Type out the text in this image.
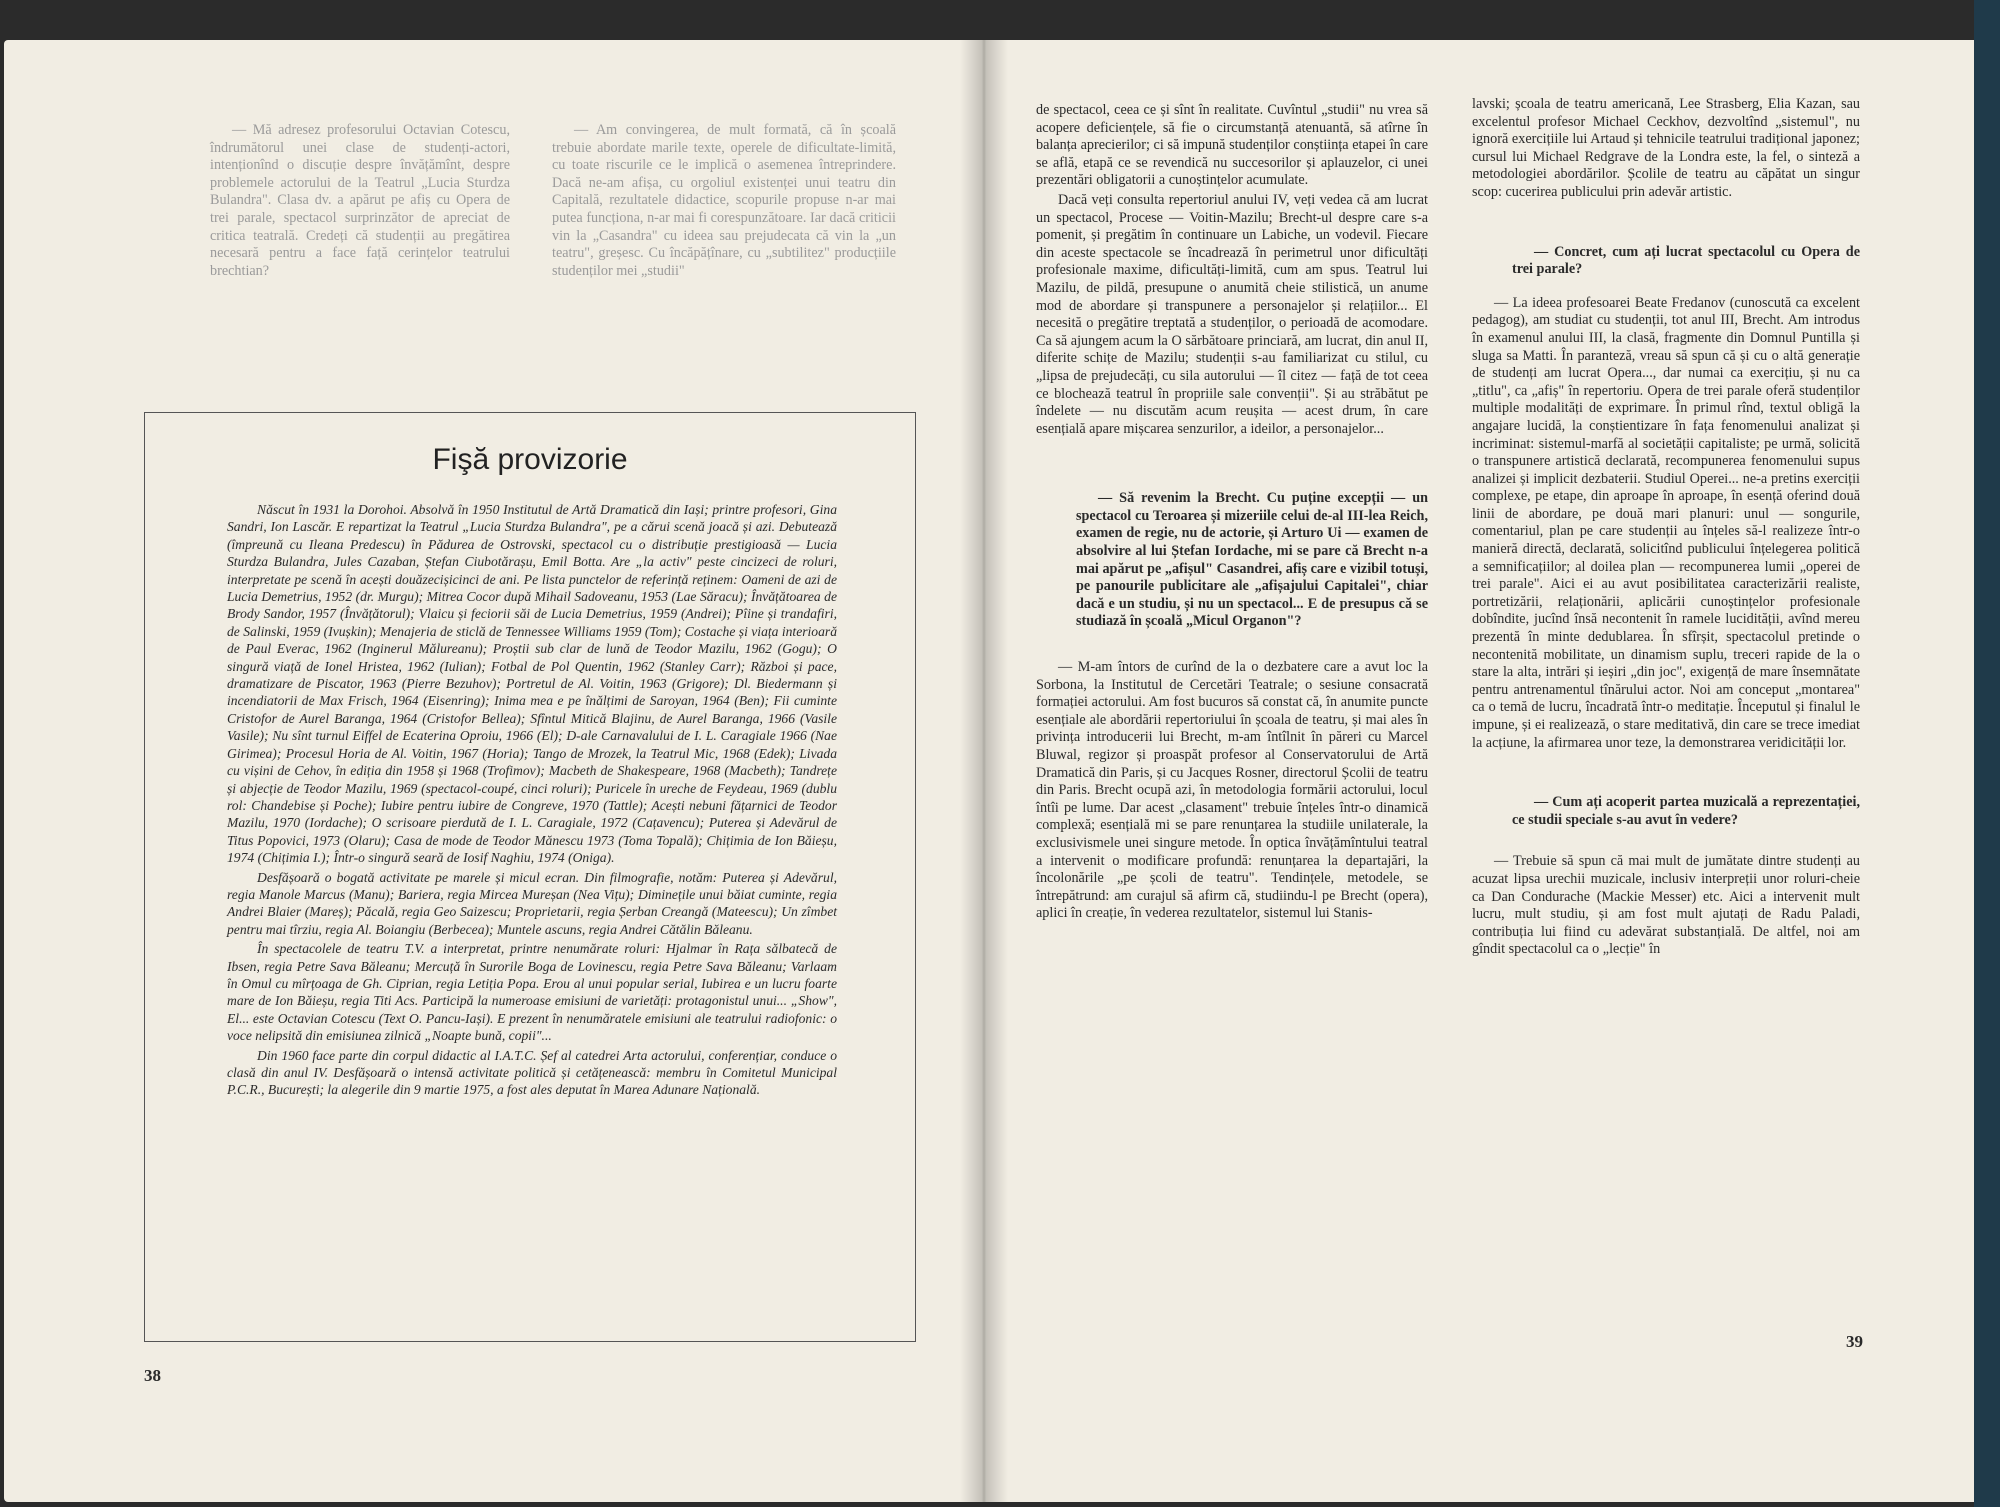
— Mă adresez profesorului Octavian Cotescu, îndrumătorul unei clase de studenți-actori, intenționînd o discuție despre învățămînt, despre problemele actorului de la Teatrul „Lucia Sturdza Bulandra". Clasa dv. a apărut pe afiș cu Opera de trei parale, spectacol surprinzător de apreciat de critica teatrală. Credeți că studenții au pregătirea necesară pentru a face față cerințelor teatrului brechtian?

— Am convingerea, de mult formată, că în școală trebuie abordate marile texte, operele de dificultate-limită, cu toate riscurile ce le implică o asemenea întreprindere. Dacă ne-am afișa, cu orgoliul existenței unui teatru din Capitală, rezultatele didactice, scopurile propuse n-ar mai putea funcționa, n-ar mai fi corespunzătoare. Iar dacă criticii vin la „Casandra" cu ideea sau prejudecata că vin la „un teatru", greșesc. Cu încăpățînare, cu „subtilitez" producțiile studenților mei „studii"

Fişă provizorie

Născut în 1931 la Dorohoi. Absolvă în 1950 Institutul de Artă Dramatică din Iași; printre profesori, Gina Sandri, Ion Lascăr. E repartizat la Teatrul „Lucia Sturdza Bulandra", pe a cărui scenă joacă și azi. Debutează (împreună cu Ileana Predescu) în Pădurea de Ostrovski, spectacol cu o distribuție prestigioasă — Lucia Sturdza Bulandra, Jules Cazaban, Ștefan Ciubotărașu, Emil Botta. Are „la activ" peste cincizeci de roluri, interpretate pe scenă în acești douăzecișicinci de ani. Pe lista punctelor de referință reținem: Oameni de azi de Lucia Demetrius, 1952 (dr. Murgu); Mitrea Cocor după Mihail Sadoveanu, 1953 (Lae Săracu); Învățătoarea de Brody Sandor, 1957 (Învățătorul); Vlaicu și feciorii săi de Lucia Demetrius, 1959 (Andrei); Pîine și trandafiri, de Salinski, 1959 (Ivușkin); Menajeria de sticlă de Tennessee Williams 1959 (Tom); Costache și viața interioară de Paul Everac, 1962 (Inginerul Mălureanu); Proștii sub clar de lună de Teodor Mazilu, 1962 (Gogu); O singură viață de Ionel Hristea, 1962 (Iulian); Fotbal de Pol Quentin, 1962 (Stanley Carr); Război și pace, dramatizare de Piscator, 1963 (Pierre Bezuhov); Portretul de Al. Voitin, 1963 (Grigore); Dl. Biedermann și incendiatorii de Max Frisch, 1964 (Eisenring); Inima mea e pe înălțimi de Saroyan, 1964 (Ben); Fii cuminte Cristofor de Aurel Baranga, 1964 (Cristofor Bellea); Sfîntul Mitică Blajinu, de Aurel Baranga, 1966 (Vasile Vasile); Nu sînt turnul Eiffel de Ecaterina Oproiu, 1966 (El); D-ale Carnavalului de I. L. Caragiale 1966 (Nae Girimea); Procesul Horia de Al. Voitin, 1967 (Horia); Tango de Mrozek, la Teatrul Mic, 1968 (Edek); Livada cu vișini de Cehov, în ediția din 1958 și 1968 (Trofimov); Macbeth de Shakespeare, 1968 (Macbeth); Tandrețe și abjecție de Teodor Mazilu, 1969 (spectacol-coupé, cinci roluri); Puricele în ureche de Feydeau, 1969 (dublu rol: Chandebise și Poche); Iubire pentru iubire de Congreve, 1970 (Tattle); Acești nebuni fățarnici de Teodor Mazilu, 1970 (Iordache); O scrisoare pierdută de I. L. Caragiale, 1972 (Cațavencu); Puterea și Adevărul de Titus Popovici, 1973 (Olaru); Casa de mode de Teodor Mănescu 1973 (Toma Topală); Chițimia de Ion Băieșu, 1974 (Chițimia I.); Într-o singură seară de Iosif Naghiu, 1974 (Oniga).

Desfășoară o bogată activitate pe marele și micul ecran. Din filmografie, notăm: Puterea și Adevărul, regia Manole Marcus (Manu); Bariera, regia Mircea Mureșan (Nea Vițu); Diminețile unui băiat cuminte, regia Andrei Blaier (Mareș); Păcală, regia Geo Saizescu; Proprietarii, regia Șerban Creangă (Mateescu); Un zîmbet pentru mai tîrziu, regia Al. Boiangiu (Berbecea); Muntele ascuns, regia Andrei Cătălin Băleanu.

În spectacolele de teatru T.V. a interpretat, printre nenumărate roluri: Hjalmar în Rața sălbatecă de Ibsen, regia Petre Sava Băleanu; Mercuță în Surorile Boga de Lovinescu, regia Petre Sava Băleanu; Varlaam în Omul cu mîrțoaga de Gh. Ciprian, regia Letiția Popa. Erou al unui popular serial, Iubirea e un lucru foarte mare de Ion Băieșu, regia Titi Acs. Participă la numeroase emisiuni de varietăți: protagonistul unui... „Show", El... este Octavian Cotescu (Text O. Pancu-Iași). E prezent în nenumăratele emisiuni ale teatrului radiofonic: o voce nelipsită din emisiunea zilnică „Noapte bună, copii"...

Din 1960 face parte din corpul didactic al I.A.T.C. Șef al catedrei Arta actorului, conferențiar, conduce o clasă din anul IV. Desfășoară o intensă activitate politică și cetățenească: membru în Comitetul Municipal P.C.R., București; la alegerile din 9 martie 1975, a fost ales deputat în Marea Adunare Națională.

38

de spectacol, ceea ce și sînt în realitate. Cuvîntul „studii" nu vrea să acopere deficiențele, să fie o circumstanță atenuantă, să atîrne în balanța aprecierilor; ci să impună studenților conștiința etapei în care se află, etapă ce se revendică nu succesorilor și aplauzelor, ci unei prezentări obligatorii a cunoștințelor acumulate.

Dacă veți consulta repertoriul anului IV, veți vedea că am lucrat un spectacol, Procese — Voitin-Mazilu; Brecht-ul despre care s-a pomenit, și pregătim în continuare un Labiche, un vodevil. Fiecare din aceste spectacole se încadrează în perimetrul unor dificultăți profesionale maxime, dificultăți-limită, cum am spus. Teatrul lui Mazilu, de pildă, presupune o anumită cheie stilistică, un anume mod de abordare și transpunere a personajelor și relațiilor... El necesită o pregătire treptată a studenților, o perioadă de acomodare. Ca să ajungem acum la O sărbătoare princiară, am lucrat, din anul II, diferite schițe de Mazilu; studenții s-au familiarizat cu stilul, cu „lipsa de prejudecăți, cu sila autorului — îl citez — față de tot ceea ce blochează teatrul în propriile sale convenții". Și au străbătut pe îndelete — nu discutăm acum reușita — acest drum, în care esențială apare mișcarea senzurilor, a ideilor, a personajelor...

— Să revenim la Brecht. Cu puține excepții — un spectacol cu Teroarea și mizeriile celui de-al III-lea Reich, examen de regie, nu de actorie, și Arturo Ui — examen de absolvire al lui Ștefan Iordache, mi se pare că Brecht n-a mai apărut pe „afișul" Casandrei, afiș care e vizibil totuși, pe panourile publicitare ale „afișajului Capitalei", chiar dacă e un studiu, și nu un spectacol... E de presupus că se studiază în școală „Micul Organon"?

— M-am întors de curînd de la o dezbatere care a avut loc la Sorbona, la Institutul de Cercetări Teatrale; o sesiune consacrată formației actorului. Am fost bucuros să constat că, în anumite puncte esențiale ale abordării repertoriului în școala de teatru, și mai ales în privința introducerii lui Brecht, m-am întîlnit în păreri cu Marcel Bluwal, regizor și proaspăt profesor al Conservatorului de Artă Dramatică din Paris, și cu Jacques Rosner, directorul Școlii de teatru din Paris. Brecht ocupă azi, în metodologia formării actorului, locul întîi pe lume. Dar acest „clasament" trebuie înțeles într-o dinamică complexă; esențială mi se pare renunțarea la studiile unilaterale, la exclusivismele unei singure metode. În optica învățămîntului teatral a intervenit o modificare profundă: renunțarea la departajări, la încolonările „pe școli de teatru". Tendințele, metodele, se întrepătrund: am curajul să afirm că, studiindu-l pe Brecht (opera), aplici în creație, în vederea rezultatelor, sistemul lui Stanis-

lavski; școala de teatru americană, Lee Strasberg, Elia Kazan, sau excelentul profesor Michael Ceckhov, dezvoltînd „sistemul", nu ignoră exercițiile lui Artaud și tehnicile teatrului tradițional japonez; cursul lui Michael Redgrave de la Londra este, la fel, o sinteză a metodologiei abordărilor. Școlile de teatru au căpătat un singur scop: cucerirea publicului prin adevăr artistic.

— Concret, cum ați lucrat spectacolul cu Opera de trei parale?

— La ideea profesoarei Beate Fredanov (cunoscută ca excelent pedagog), am studiat cu studenții, tot anul III, Brecht. Am introdus în examenul anului III, la clasă, fragmente din Domnul Puntilla și sluga sa Matti. În paranteză, vreau să spun că și cu o altă generație de studenți am lucrat Opera..., dar numai ca exercițiu, și nu ca „titlu", ca „afiș" în repertoriu. Opera de trei parale oferă studenților multiple modalități de exprimare. În primul rînd, textul obligă la angajare lucidă, la conștientizare în fața fenomenului analizat și incriminat: sistemul-marfă al societății capitaliste; pe urmă, solicită o transpunere artistică declarată, recompunerea fenomenului supus analizei și implicit dezbaterii. Studiul Operei... ne-a pretins exerciții complexe, pe etape, din aproape în aproape, în esență oferind două linii de abordare, pe două mari planuri: unul — songurile, comentariul, plan pe care studenții au înțeles să-l realizeze într-o manieră directă, declarată, solicitînd publicului înțelegerea politică a semnificațiilor; al doilea plan — recompunerea lumii „operei de trei parale". Aici ei au avut posibilitatea caracterizării realiste, portretizării, relaționării, aplicării cunoștințelor profesionale dobîndite, jucînd însă necontenit în ramele lucidității, avînd mereu prezentă în minte dedublarea. În sfîrșit, spectacolul pretinde o necontenită mobilitate, un dinamism suplu, treceri rapide de la o stare la alta, intrări și ieșiri „din joc", exigență de mare însemnătate pentru antrenamentul tînărului actor. Noi am conceput „montarea" ca o temă de lucru, încadrată într-o meditație. Începutul și finalul le impune, și ei realizează, o stare meditativă, din care se trece imediat la acțiune, la afirmarea unor teze, la demonstrarea veridicității lor.

— Cum ați acoperit partea muzicală a reprezentației, ce studii speciale s-au avut în vedere?

— Trebuie să spun că mai mult de jumătate dintre studenți au acuzat lipsa urechii muzicale, inclusiv interpreții unor roluri-cheie ca Dan Condurache (Mackie Messer) etc. Aici a intervenit mult lucru, mult studiu, și am fost mult ajutați de Radu Paladi, contribuția lui fiind cu adevărat substanțială. De altfel, noi am gîndit spectacolul ca o „lecție" în

39
